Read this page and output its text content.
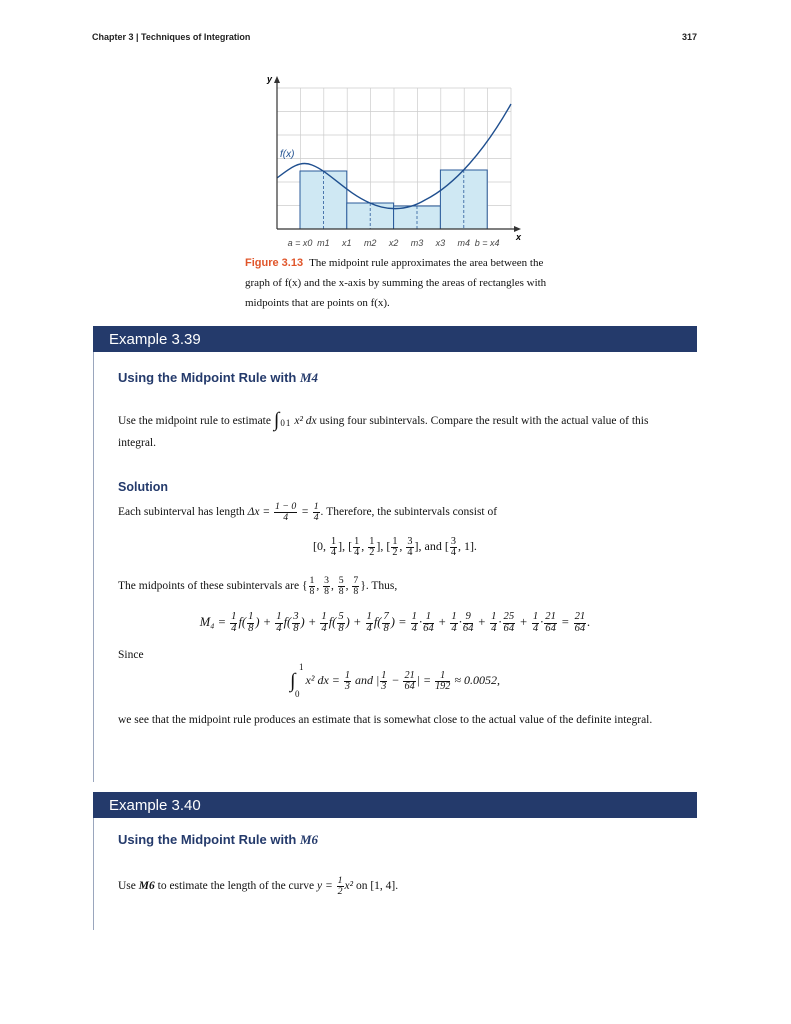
Chapter 3 | Techniques of Integration	317
y
x
f(x)
a = x0 m1 x1 m2 x2 m3 x3 m4 b = x4
Figure 3.13 The midpoint rule approximates the area between the graph of f(x) and the x-axis by summing the areas of rectangles with midpoints that are points on f(x).
Example 3.39
Using the Midpoint Rule with M4
Use the midpoint rule to estimate ∫01 x² dx using four subintervals. Compare the result with the actual value of this integral.
Solution
Each subinterval has length $\Delta x = \frac{1 - 0}{4} = \frac{1}{4}$ . Therefore, the subintervals consist of
[0, $\frac{1}{4}$ ], [ $\frac{1}{4}$ , $\frac{1}{2}$ ], [ $\frac{1}{2}$ , $\frac{3}{4}$ ], and [ $\frac{3}{4}$ , 1].
The midpoints of these subintervals are { $\frac{1}{8}$ , $\frac{3}{8}$ , $\frac{5}{8}$ , $\frac{7}{8}$ }. Thus,
$M_4 = \frac{1}{4} f( \frac{1}{8}$ ) + $\frac{1}{4} f( \frac{3}{8}$ ) + $\frac{1}{4} f( \frac{5}{8}$ ) + $\frac{1}{4} f( \frac{7}{8}$ ) = $\frac{1}{4} \cdot \frac{1}{64} + \frac{1}{4} \cdot \frac{9}{64} + \frac{1}{4} \cdot \frac{25}{64} + \frac{1}{4} \cdot \frac{21}{64} = \frac{21}{64}$ .
Since
∫
1
0
x² dx = $\frac{1}{3}$ and | $\frac{1}{3} - \frac{21}{64}$ | = $\frac{1}{192} \approx 0.0052$,
we see that the midpoint rule produces an estimate that is somewhat close to the actual value of the definite integral.
Example 3.40
Using the Midpoint Rule with M6
Use M6 to estimate the length of the curve $y = \frac{1}{2} x^2$ on [1, 4].
